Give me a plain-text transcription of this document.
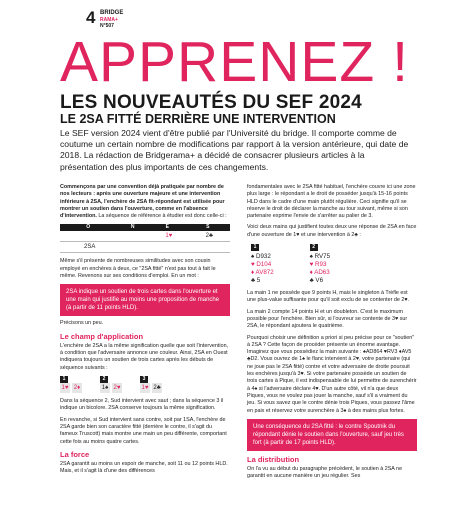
4 BRIDGE
RAMA+
N°507
APPRENEZ !
LES NOUVEAUTÉS DU SEF 2024
LE 2SA FITTÉ DERRIÈRE UNE INTERVENTION
Le SEF version 2024 vient d'être publié par l'Université du bridge. Il comporte comme de coutume un certain nombre de modifications par rapport à la version antérieure, qui date de 2018. La rédaction de Bridgerama+ a décidé de consacrer plusieurs articles à la présentation des plus importants de ces changements.

Commençons par une convention déjà pratiquée par nombre de nos lecteurs : après une ouverture majeure et une intervention inférieure à 2SA, l'enchère de 2SA fit-répondant est utilisée pour montrer un soutien dans l'ouverture, comme en l'absence d'intervention. La séquence de référence à étudier est donc celle-ci :

O	N	E	S
		1♥	2♣
2SA			

Même s'il présente de nombreuses similitudes avec son cousin employé en enchères à deux, ce "2SA fitté" n'est pas tout à fait le même. Revenons sur ses conditions d'emploi. En un mot :

2SA indique un soutien de trois cartes dans l'ouverture et une main qui justifie au moins une proposition de manche (à partir de 11 points HLD).

Précisons un peu.

Le champ d'application

L'enchère de 2SA a la même signification quelle que soit l'intervention, à condition que l'adversaire annonce une couleur. Ainsi, 2SA en Ouest indiquera toujours un soutien de trois cartes après les débuts de séquence suivants :

1
1♥ 2♦
2
1♠ 2♥
3
1♥ 2♣

Dans la séquence 2, Sud intervient avec saut ; dans la séquence 3 il indique un bicolore. 2SA conserve toujours la même signification.

En revanche, si Sud intervient sans contre, soit par 1SA, l'enchère de 2SA garde bien son caractère fitté (derrière le contre, il s'agit du fameux Truscott) mais montre une main un peu différente, comportant cette fois au moins quatre cartes.

La force

2SA garantit au moins un espoir de manche, soit 11 ou 12 points HLD. Mais, et il s'agit là d'une des différences

fondamentales avec le 2SA fitté habituel, l'enchère couvre ici une zone plus large : le répondant a le droit de posséder jusqu'à 15-16 points HLD dans le cadre d'une main plutôt régulière. Ceci signifie qu'il se réserve le droit de déclarer la manche au tour suivant, même si son partenaire exprime l'envie de s'arrêter au palier de 3.

Voici deux mains qui justifient toutes deux une réponse de 2SA en face d'une ouverture de 1♥ et une intervention à 2♣ :

1
♠ D932
♥ D104
♦ AV872
♣ 5
2
♠ RV75
♥ R93
♦ AD63
♣ V6

La main 1 ne possède que 9 points H, mais le singleton à Trèfle est une plus-value suffisante pour qu'il soit exclu de se contenter de 2♥.

La main 2 compte 14 points H et un doubleton. C'est le maximum possible pour l'enchère. Bien sûr, si l'ouvreur se contente de 3♥ sur 2SA, le répondant ajoutera le quatrième.

Pourquoi choisir une définition a priori si peu précise pour ce "soutien" à 2SA ? Cette façon de procéder présente un énorme avantage. Imaginez que vous possédiez la main suivante : ♠AD864 ♥RV3 ♦AV5 ♣D2. Vous ouvrez de 1♠ le flanc intervient à 2♥, votre partenaire (qui ne joue pas le 2SA fitté) contre et votre adversaire de droite poursuit les enchères jusqu'à 3♥. Si votre partenaire possède un soutien de trois cartes à Pique, il est indispensable de lui permettre de surenchérir à 4♠ si l'adversaire déclare 4♥. D'un autre côté, vil n'a que deux Piques, vous ne voulez pas jouer la manche, sauf s'il a vraiment du jeu. Si vous savez que le contre dénie trois Piques, vous passez l'âme en paix et réservez votre surenchère à 3♠ à des mains plus fortes.

Une conséquence du 2SA fitté : le contre Spoutnik du répondant dénie le soutien dans l'ouverture, sauf jeu très fort (à partir de 17 points HLD).
La distribution

On l'a vu au début du paragraphe précédent, le soutien à 2SA ne garantit en aucune manière un jeu régulier. Ses
